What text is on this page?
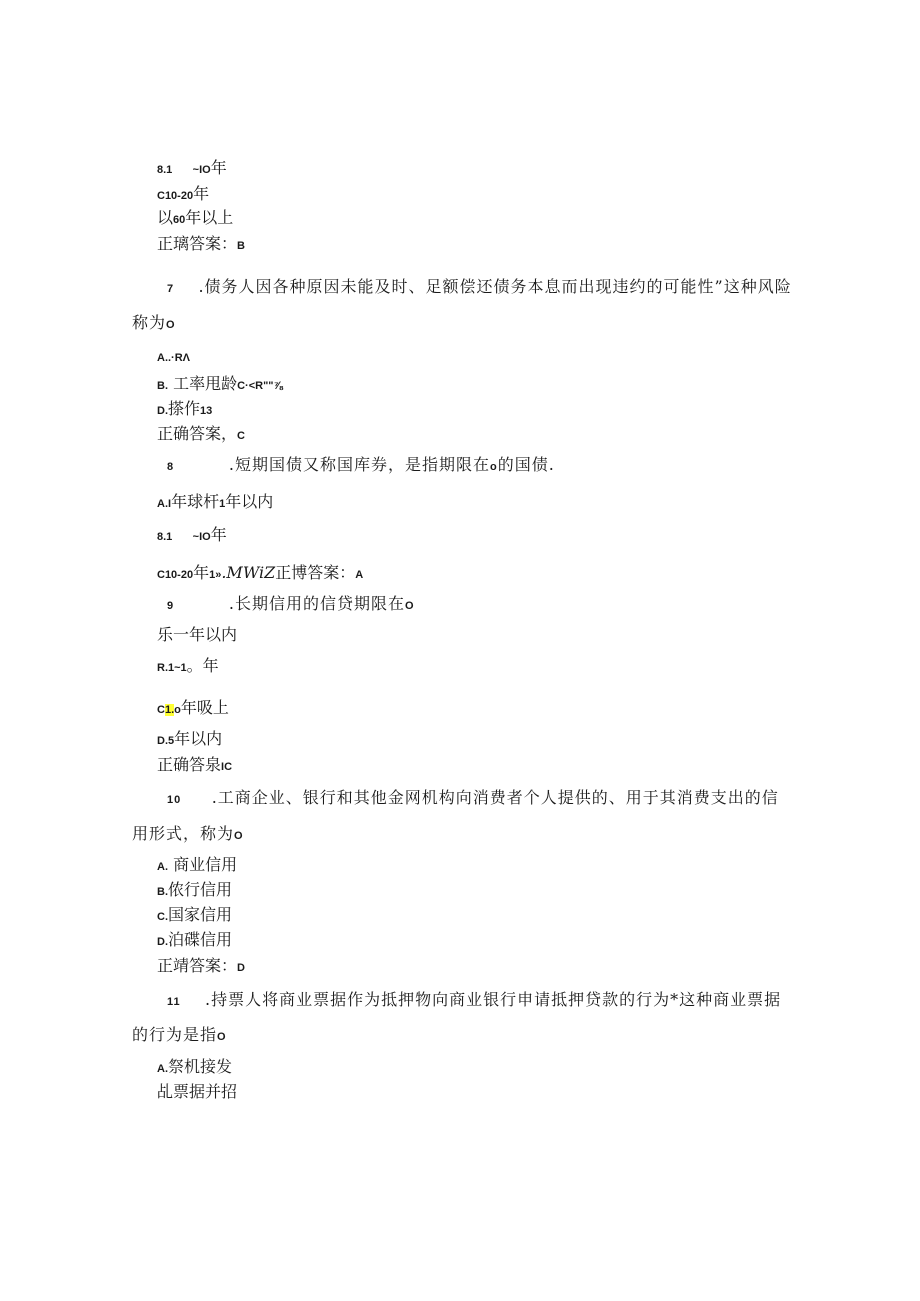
8.1 ~IO年
C10-20年
以60年以上
正璃答案：B
7 .债务人因各种原因未能及时、足额偿还债务本息而出现违约的可能性”这种风险
称为O
A..·RΛ
B. 工率甩龄C·<R""⅞
D.搽作13
正确答案，C
8	.短期国债又称国库券，是指期限在o的国债.
A.I年球杆1年以内
8.1 ~IO年
C10-20年1».MWiZ正博答案：A
9	.长期信用的信贷期限在O
乐一年以内
R.1~1。年
C1.o年吸上
D.5年以内
正确答泉IC
10 .工商企业、银行和其他金网机构向消费者个人提供的、用于其消费支出的信
用形式，称为O
A. 商业信用
B.侬行信用
C.国家信用
D.泊碟信用
正靖答案：D
11 .持票人将商业票据作为抵押物向商业银行申请抵押贷款的行为*这种商业票据
的行为是指O
A.祭机接发
乩票据并招
